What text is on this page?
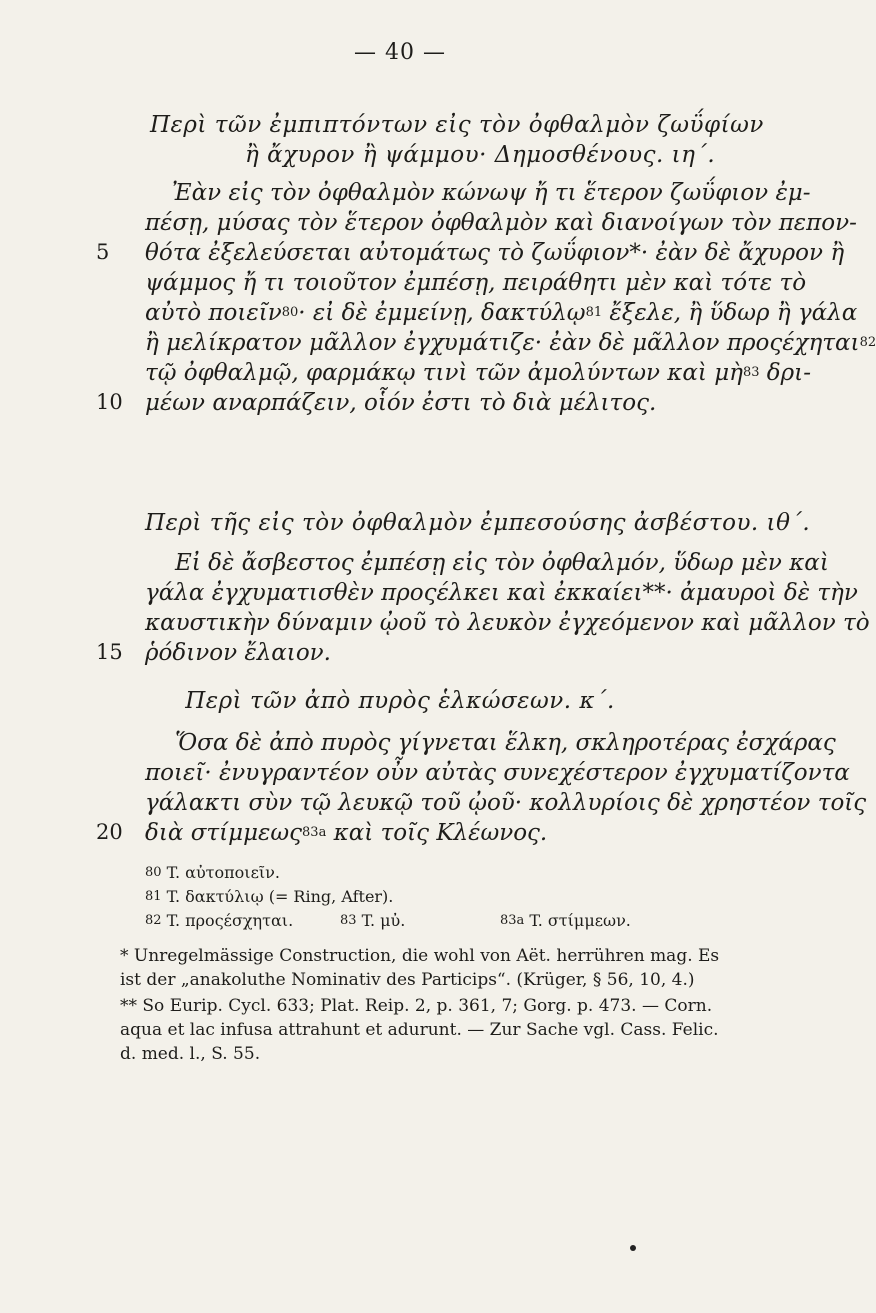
— 40 —
Περὶ τῶν ἐμπιπτόντων εἰς τὸν ὀφθαλμὸν ζωΰφίων
ἢ ἄχυρον ἢ ψάμμου· Δημοσθένους. ιη΄.
Ἐὰν εἰς τὸν ὀφθαλμὸν κώνωψ ἤ τι ἕτερον ζωΰφιον ἐμ-
πέσῃ, μύσας τὸν ἕτερον ὀφθαλμὸν καὶ διανοίγων τὸν πεπον-
θότα ἐξελεύσεται αὐτομάτως τὸ ζωΰφιον*· ἐὰν δὲ ἄχυρον ἢ
5
ψάμμος ἤ τι τοιοῦτον ἐμπέσῃ, πειράθητι μὲν καὶ τότε τὸ
αὐτὸ ποιεῖν$^{80}$· εἰ δὲ ἐμμείνῃ, δακτύλῳ$^{81}$ ἔξελε, ἢ ὕδωρ ἢ γάλα
ἢ μελίκρατον μᾶλλον ἐγχυμάτιζε· ἐὰν δὲ μᾶλλον προςέχηται$^{82}$
τῷ ὀφθαλμῷ, φαρμάκῳ τινὶ τῶν ἀμολύντων καὶ μὴ$^{83}$ δρι-
μέων αναρπάζειν, οἷόν ἐστι τὸ διὰ μέλιτος.
10
Περὶ τῆς εἰς τὸν ὀφθαλμὸν ἐμπεσούσης ἀσβέστου. ιθ΄.
Εἰ δὲ ἄσβεστος ἐμπέσῃ εἰς τὸν ὀφθαλμόν, ὕδωρ μὲν καὶ
γάλα ἐγχυματισθὲν προςέλκει καὶ ἐκκαίει**· ἀμαυροὶ δὲ τὴν
καυστικὴν δύναμιν ᾠοῦ τὸ λευκὸν ἐγχεόμενον καὶ μᾶλλον τὸ
ῥόδινον ἔλαιον.
15
Περὶ τῶν ἀπὸ πυρὸς ἑλκώσεων. κ΄.
Ὅσα δὲ ἀπὸ πυρὸς γίγνεται ἕλκη, σκληροτέρας ἐσχάρας
ποιεῖ· ἐνυγραντέον οὖν αὐτὰς συνεχέστερον ἐγχυματίζοντα
γάλακτι σὺν τῷ λευκῷ τοῦ ᾠοῦ· κολλυρίοις δὲ χρηστέον τοῖς
διὰ στίμμεως$^{83a}$ καὶ τοῖς Κλέωνος.
20
$^{80}$ T. αὐτοποιεῖν.
$^{81}$ T. δακτύλιῳ (= Ring, After).
$^{82}$ T. προςέσχηται.	$^{83}$ T. μὐ.	$^{83a}$ T. στίμμεων.
* Unregelmässige Construction, die wohl von Aët. herrühren mag. Es ist der „anakoluthe Nominativ des Particips“. (Krüger, § 56, 10, 4.)
** So Eurip. Cycl. 633; Plat. Reip. 2, p. 361, 7; Gorg. p. 473. — Corn. aqua et lac infusa attrahunt et adurunt. — Zur Sache vgl. Cass. Felic. d. med. l., S. 55.
